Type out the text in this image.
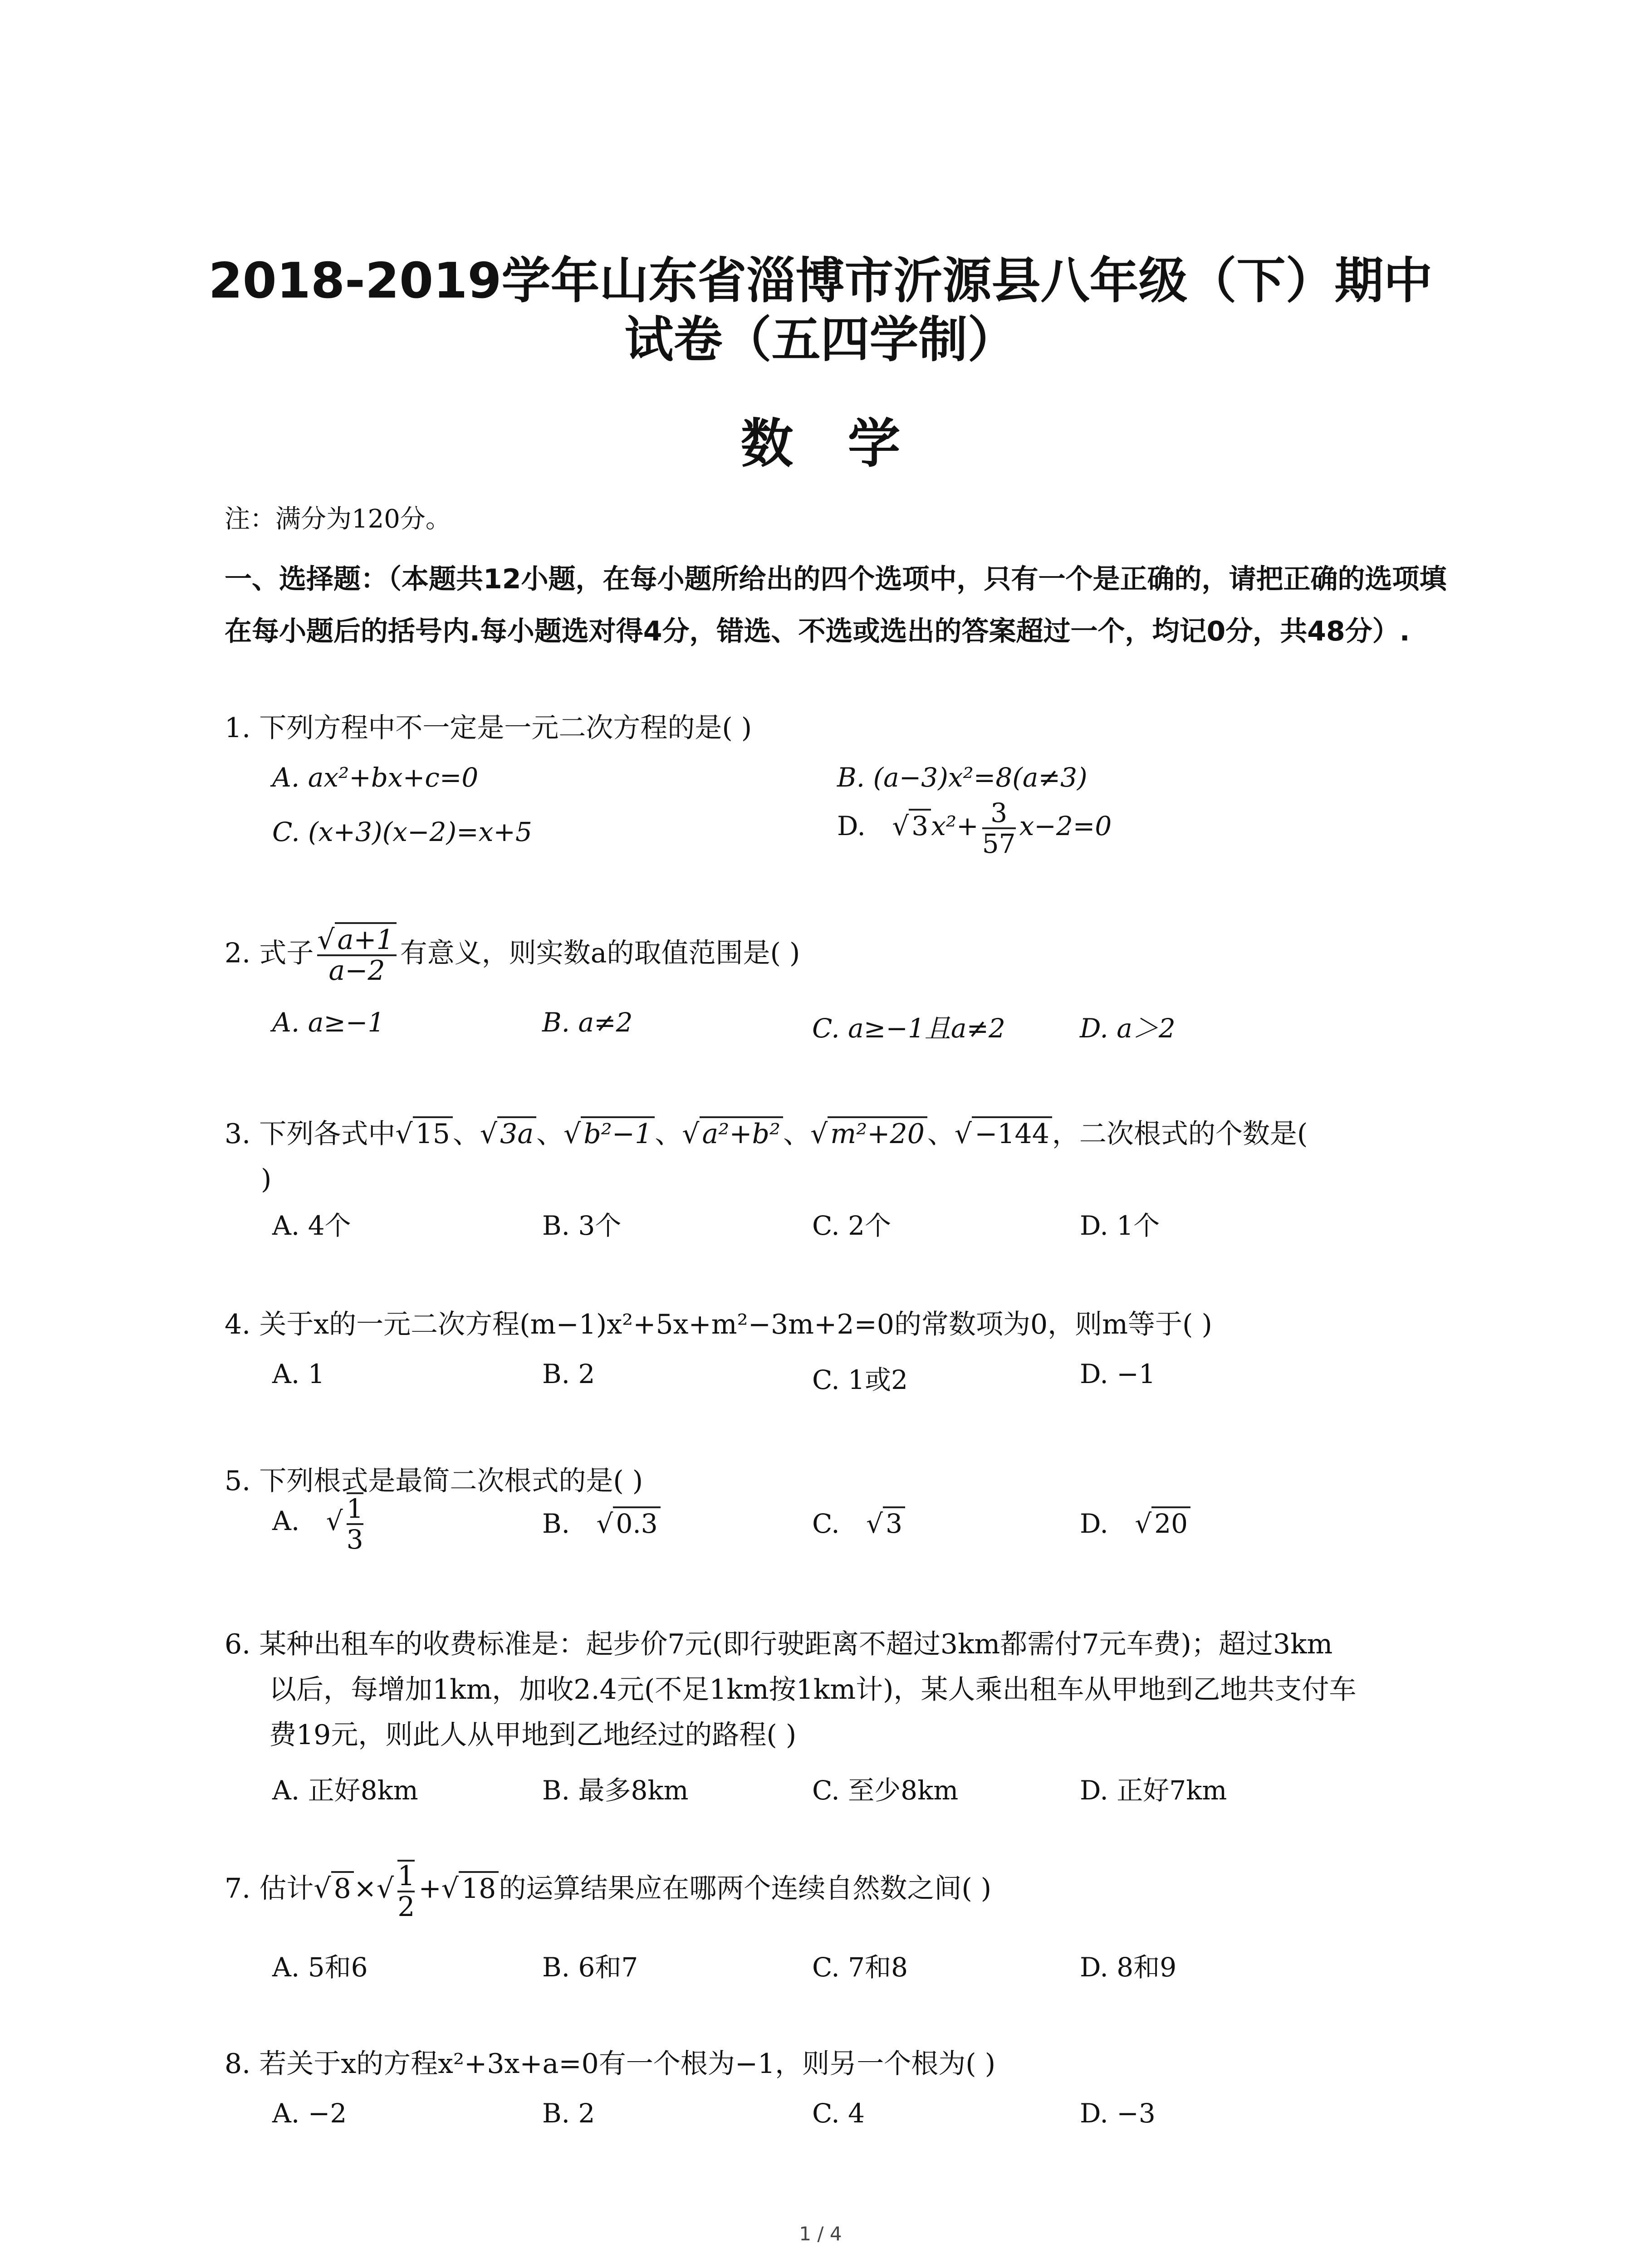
2018-2019学年山东省淄博市沂源县八年级（下）期中
试卷（五四学制）
数学
注：满分为120分。
一、选择题：（本题共12小题，在每小题所给出的四个选项中，只有一个是正确的，请把正确的选项填在每小题后的括号内.每小题选对得4分，错选、不选或选出的答案超过一个，均记0分，共48分）.
1. 下列方程中不一定是一元二次方程的是( )
A. ax²+bx+c=0	B. (a−3)x²=8(a≠3)
C. (x+3)(x−2)=x+5	D. √ 3 $x^2+ \frac{3}{57} x-2=0$
2. 式子 $\frac{√ a+1}{a-2}$ 有意义，则实数a的取值范围是( )
A. a≥−1	B. a≠2	C. a≥−1且a≠2	D. a＞2
3. 下列各式中√ 15 、√ 3a 、√ b²−1 、√ a²+b² 、√ m²+20 、√ −144 ，二次根式的个数是(
)
A. 4个	B. 3个	C. 2个	D. 1个
4. 关于x的一元二次方程(m−1)x²+5x+m²−3m+2=0的常数项为0，则m等于( )
A. 1	B. 2	C. 1或2	D. −1
5. 下列根式是最简二次根式的是( )
A. √ $\frac{1}{3}$	B. √ 0.3	C. √ 3	D. √ 20
6. 某种出租车的收费标准是：起步价7元(即行驶距离不超过3km都需付7元车费)；超过3km
以后，每增加1km，加收2.4元(不足1km按1km计)，某人乘出租车从甲地到乙地共支付车
费19元，则此人从甲地到乙地经过的路程( )
A. 正好8km	B. 最多8km	C. 至少8km	D. 正好7km
7. 估计√ 8 ×√ $\frac{1}{2}$ +√ 18 的运算结果应在哪两个连续自然数之间( )
A. 5和6	B. 6和7	C. 7和8	D. 8和9
8. 若关于x的方程x²+3x+a=0有一个根为−1，则另一个根为( )
A. −2	B. 2	C. 4	D. −3
1 / 4
